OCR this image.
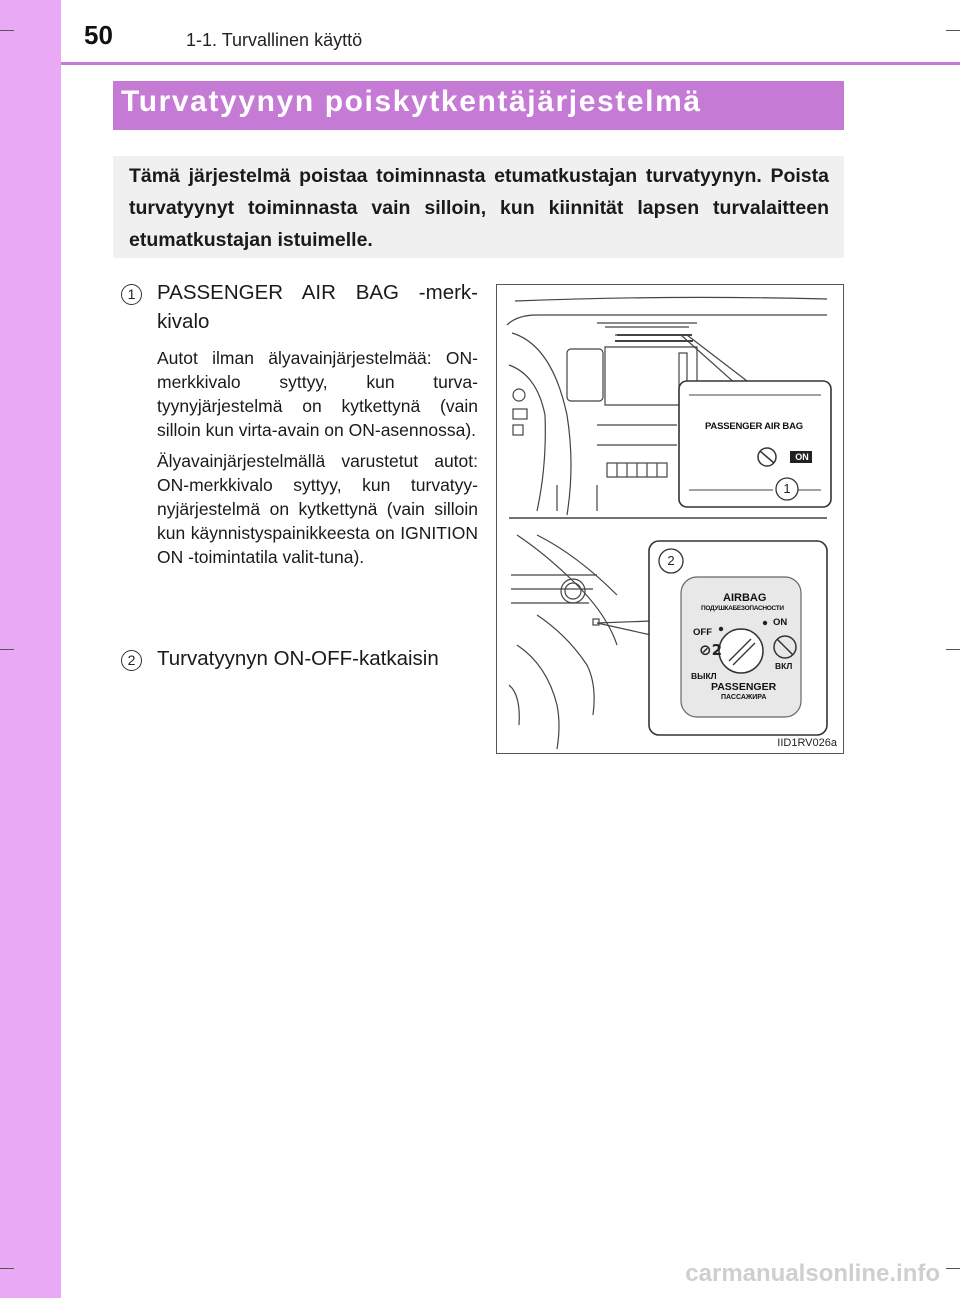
50	1-1. Turvallinen käyttö
Turvatyynyn poiskytkentäjärjestelmä
Tämä järjestelmä poistaa toiminnasta etumatkustajan turvatyynyn. Poista turvatyynyt toiminnasta vain silloin, kun kiinnität lapsen turvalaitteen etumatkustajan istuimelle.
1	PASSENGER AIR BAG -merk-
kivalo

Autot ilman älyavainjärjestelmää: ON-merkkivalo syttyy, kun turva-tyynyjärjestelmä on kytkettynä (vain silloin kun virta-avain on ON-asennossa).

Älyavainjärjestelmällä varustetut autot: ON-merkkivalo syttyy, kun turvatyy-nyjärjestelmä on kytkettynä (vain silloin kun käynnistyspainikkeesta on IGNITION ON -toimintatila valit-tuna).

2	Turvatyynyn ON-OFF-katkaisin	⊘2
PASSENGER AIR BAG
ON
1
2
AIRBAG
ПОДУШКАБЕЗОПАСНОСТИ
OFF
ON
ВЫКЛ
ВКЛ
PASSENGER
ПАССАЖИРА
IID1RV026a
carmanualsonline.info
